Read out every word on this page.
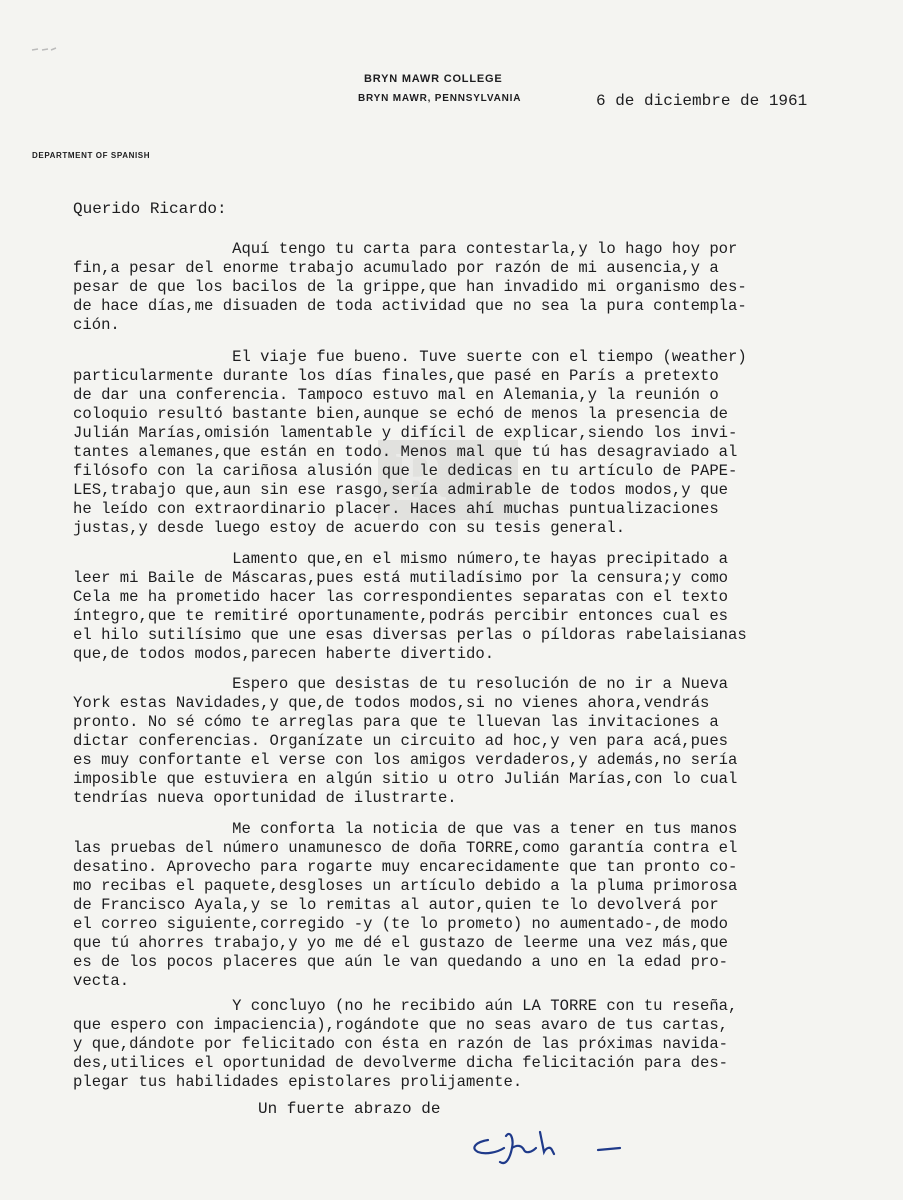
BRYN MAWR COLLEGE
BRYN MAWR, PENNSYLVANIA	6 de diciembre de 1961
DEPARTMENT OF SPANISH
Querido Ricardo:
R
Aquí tengo tu carta para contestarla,y lo hago hoy por
fin,a pesar del enorme trabajo acumulado por razón de mi ausencia,y a
pesar de que los bacilos de la grippe,que han invadido mi organismo des-
de hace días,me disuaden de toda actividad que no sea la pura contempla-
ción.
El viaje fue bueno. Tuve suerte con el tiempo (weather)
particularmente durante los días finales,que pasé en París a pretexto
de dar una conferencia. Tampoco estuvo mal en Alemania,y la reunión o
coloquio resultó bastante bien,aunque se echó de menos la presencia de
Julián Marías,omisión lamentable y difícil de explicar,siendo los invi-
tantes alemanes,que están en todo. Menos mal que tú has desagraviado al
filósofo con la cariñosa alusión que le dedicas en tu artículo de PAPE-
LES,trabajo que,aun sin ese rasgo,sería admirable de todos modos,y que
he leído con extraordinario placer. Haces ahí muchas puntualizaciones
justas,y desde luego estoy de acuerdo con su tesis general.
Lamento que,en el mismo número,te hayas precipitado a
leer mi Baile de Máscaras,pues está mutiladísimo por la censura;y como
Cela me ha prometido hacer las correspondientes separatas con el texto
íntegro,que te remitiré oportunamente,podrás percibir entonces cual es
el hilo sutilísimo que une esas diversas perlas o píldoras rabelaisianas
que,de todos modos,parecen haberte divertido.
Espero que desistas de tu resolución de no ir a Nueva
York estas Navidades,y que,de todos modos,si no vienes ahora,vendrás
pronto. No sé cómo te arreglas para que te lluevan las invitaciones a
dictar conferencias. Organízate un circuito ad hoc,y ven para acá,pues
es muy confortante el verse con los amigos verdaderos,y además,no sería
imposible que estuviera en algún sitio u otro Julián Marías,con lo cual
tendrías nueva oportunidad de ilustrarte.
Me conforta la noticia de que vas a tener en tus manos
las pruebas del número unamunesco de doña TORRE,como garantía contra el
desatino. Aprovecho para rogarte muy encarecidamente que tan pronto co-
mo recibas el paquete,desgloses un artículo debido a la pluma primorosa
de Francisco Ayala,y se lo remitas al autor,quien te lo devolverá por
el correo siguiente,corregido -y (te lo prometo) no aumentado-,de modo
que tú ahorres trabajo,y yo me dé el gustazo de leerme una vez más,que
es de los pocos placeres que aún le van quedando a uno en la edad pro-
vecta.
Y concluyo (no he recibido aún LA TORRE con tu reseña,
que espero con impaciencia),rogándote que no seas avaro de tus cartas,
y que,dándote por felicitado con ésta en razón de las próximas navida-
des,utilices el oportunidad de devolverme dicha felicitación para des-
plegar tus habilidades epistolares prolijamente.
Un fuerte abrazo de
